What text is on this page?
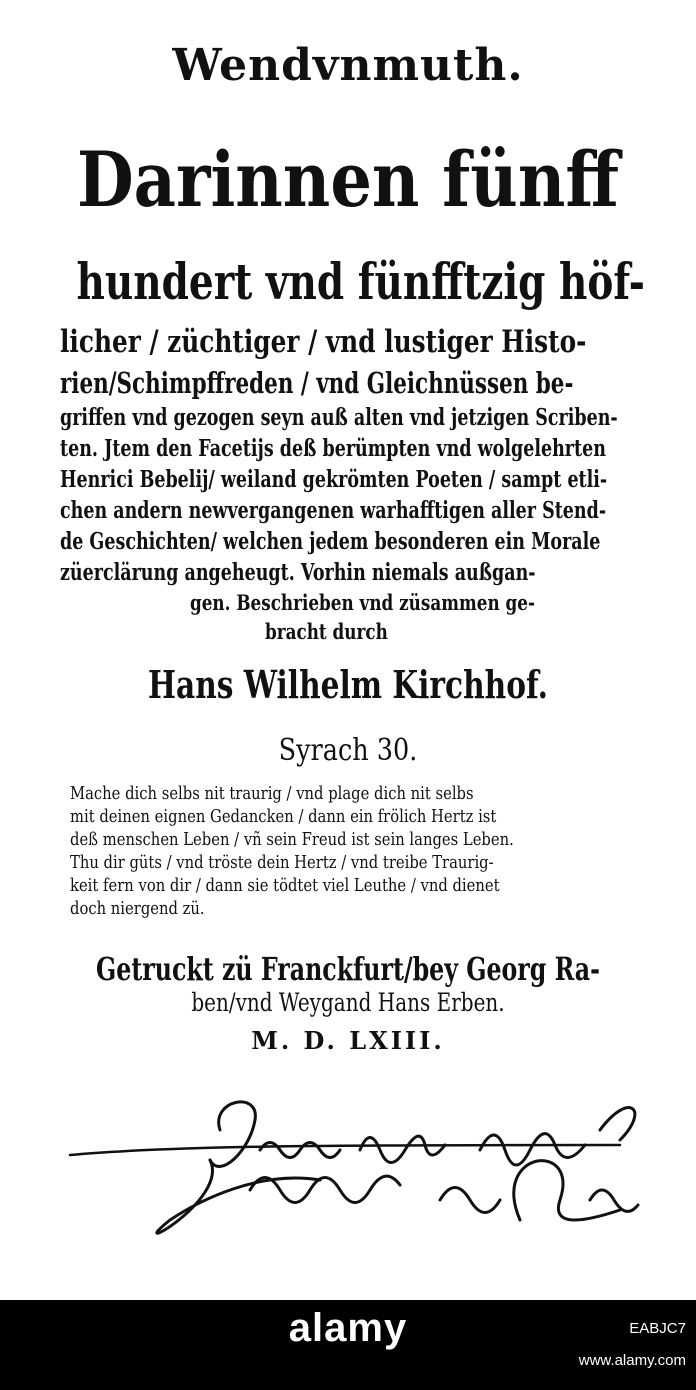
Wendvnmuth.
Darinnen fünff
hundert vnd fünfftzig höf-
licher / züchtiger / vnd lustiger Histo-
rien/Schimpffreden / vnd Gleichnüssen be-
griffen vnd gezogen seyn auß alten vnd jetzigen Scriben-
ten. Jtem den Facetijs deß berümpten vnd wolgelehrten
Henrici Bebelij/ weiland gekrömten Poeten / sampt etli-
chen andern newvergangenen warhafftigen aller Stend-
de Geschichten/ welchen jedem besonderen ein Morale
züerclärung angeheugt. Vorhin niemals außgan-
gen. Beschrieben vnd züsammen ge-
bracht durch
Hans Wilhelm Kirchhof.
Syrach 30.
Mache dich selbs nit traurig / vnd plage dich nit selbs
mit deinen eignen Gedancken / dann ein frölich Hertz ist
deß menschen Leben / vñ sein Freud ist sein langes Leben.
Thu dir güts / vnd tröste dein Hertz / vnd treibe Traurig-
keit fern von dir / dann sie tödtet viel Leuthe / vnd dienet
doch niergend zü.
Getruckt zü Franckfurt/bey Georg Ra-
ben/vnd Weygand Hans Erben.
M. D. LXIII.
alamy	EABJC7
www.alamy.com
